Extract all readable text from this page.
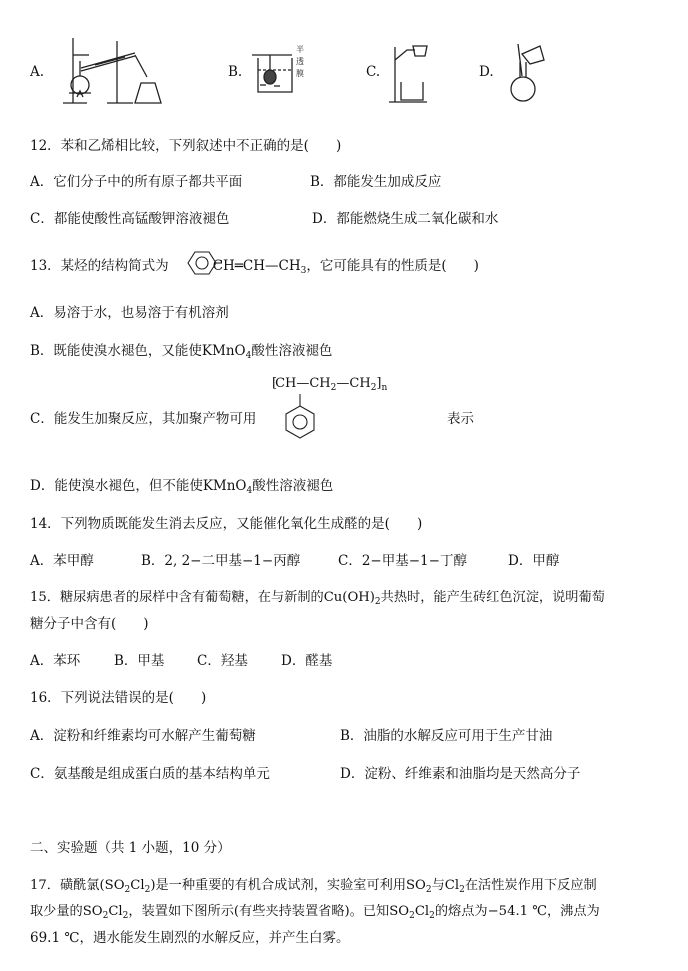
A.	B.
半
透
膜	C.	D.
12．苯和乙烯相比较，下列叙述中不正确的是(　　)
A．它们分子中的所有原子都共平面	B．都能发生加成反应
C．都能使酸性高锰酸钾溶液褪色	D．都能燃烧生成二氧化碳和水
13．某烃的结构简式为	$CH═CH—CH_3$，它可能具有的性质是(　　)
A．易溶于水，也易溶于有机溶剂
B．既能使溴水褪色，又能使KMnO$_4$酸性溶液褪色
$[CH—CH_2—CH_2]_n$
C．能发生加聚反应，其加聚产物可用	表示
D．能使溴水褪色，但不能使KMnO$_4$酸性溶液褪色
14．下列物质既能发生消去反应，又能催化氧化生成醛的是(　　)
A．苯甲醇	B．2, 2−二甲基−1−丙醇	C．2−甲基−1−丁醇	D．甲醇
15．糖尿病患者的尿样中含有葡萄糖，在与新制的$Cu(OH)_2$共热时，能产生砖红色沉淀，说明葡萄
糖分子中含有(　　)
A．苯环	B．甲基 C．羟基 D．醛基
16．下列说法错误的是(　　)
A．淀粉和纤维素均可水解产生葡萄糖	B．油脂的水解反应可用于生产甘油
C．氨基酸是组成蛋白质的基本结构单元	D．淀粉、纤维素和油脂均是天然高分子
二、实验题（共 1 小题，10 分）
17．磺酰氯$(SO_2Cl_2)$是一种重要的有机合成试剂，实验室可利用$SO_2$与$Cl_2$在活性炭作用下反应制
取少量的$SO_2Cl_2$，装置如下图所示(有些夹持装置省略)。已知$SO_2Cl_2$的熔点为−54.1 ℃，沸点为
69.1 ℃，遇水能发生剧烈的水解反应，并产生白雾。
